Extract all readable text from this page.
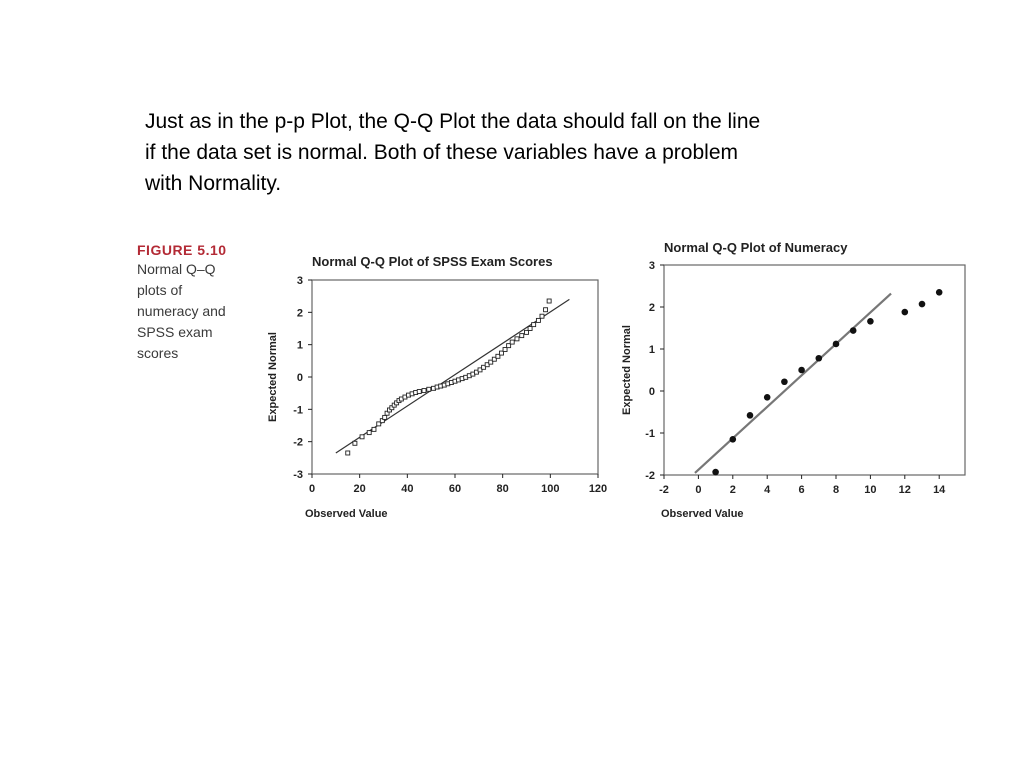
Just as in the p-p Plot, the Q-Q Plot the data should fall on the line
if the data set is normal. Both of these variables have a problem
with Normality.
FIGURE 5.10
Normal Q–Q
plots of
numeracy and
SPSS exam
scores
Normal Q-Q Plot of SPSS Exam Scores
0	20	40	60	80	100	120
-3
-2
-1
0
1
2
3
Observed Value
Expected Normal
Normal Q-Q Plot of Numeracy
-2 0	2	4	6	8 10 12 14
-2
-1
0
1
2
3
Observed Value
Expected Normal
